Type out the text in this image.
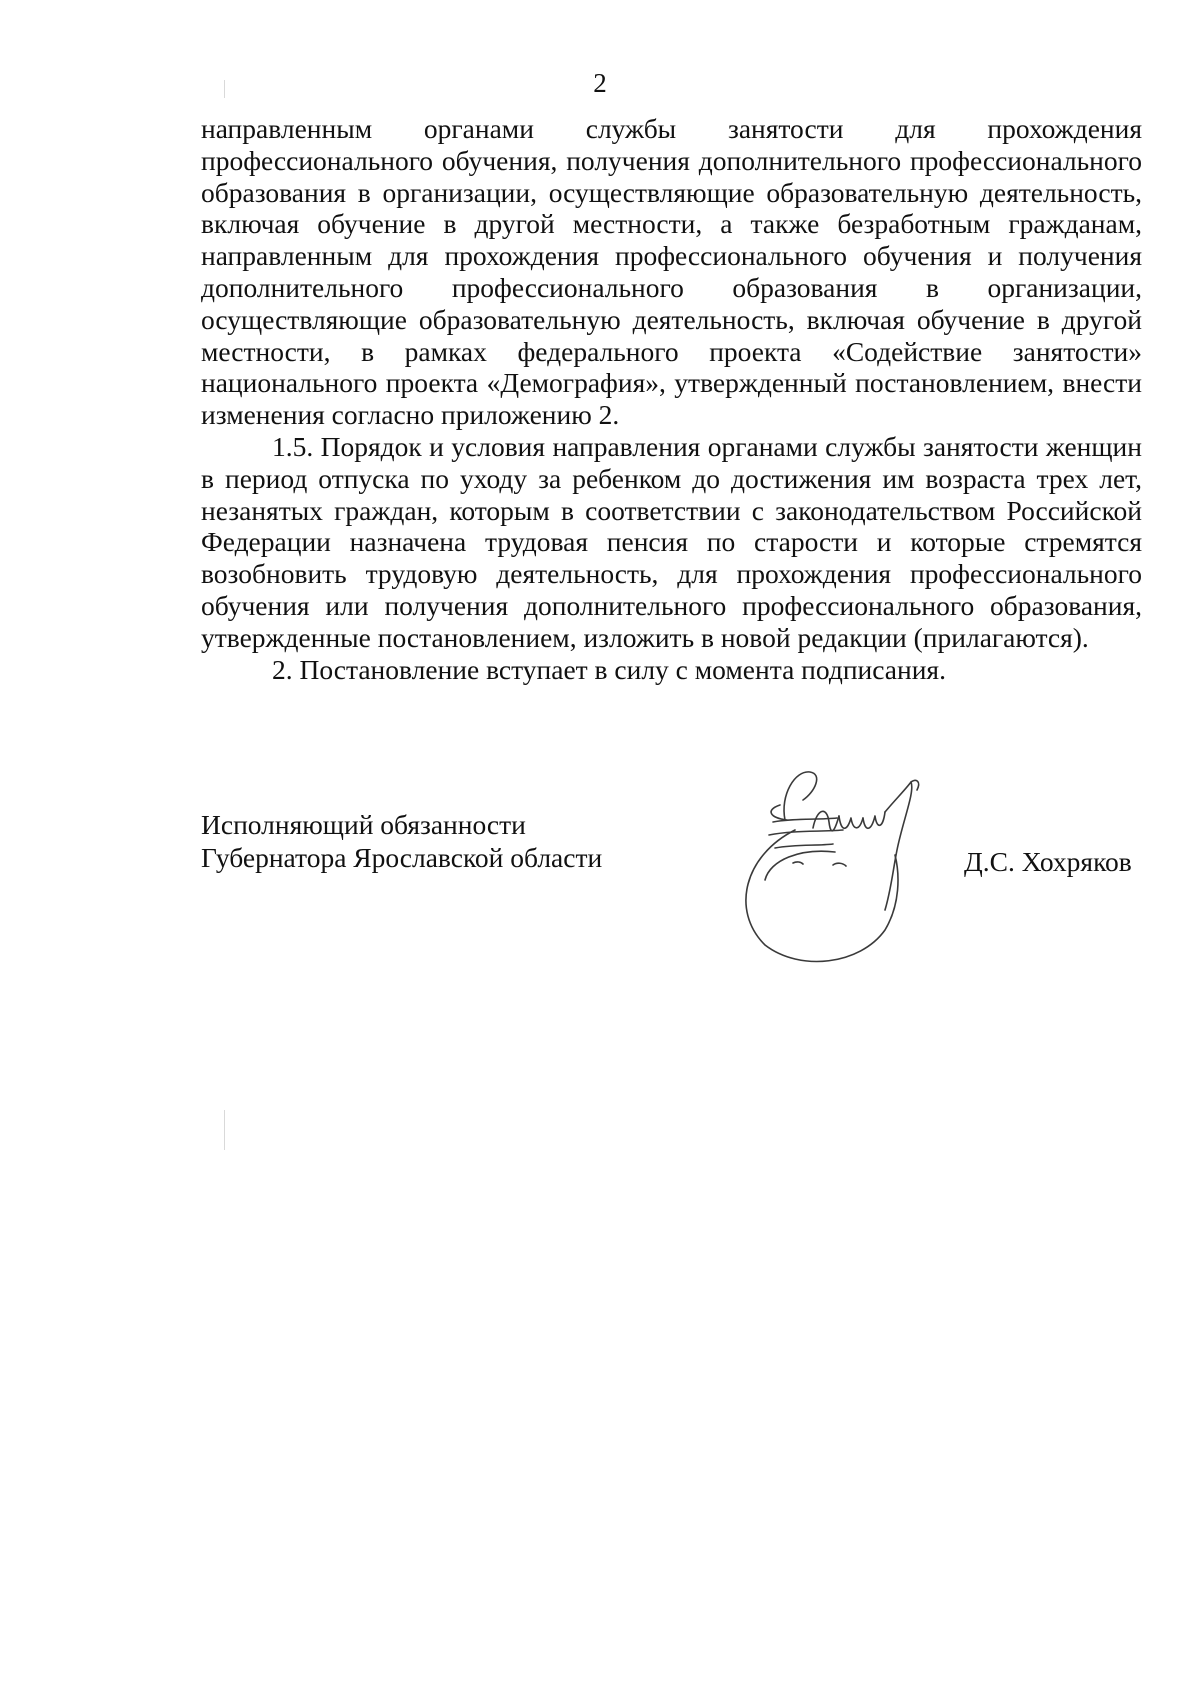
2

направленным органами службы занятости для прохождения профессионального обучения, получения дополнительного профессионального образования в организации, осуществляющие образовательную деятельность, включая обучение в другой местности, а также безработным гражданам, направленным для прохождения профессионального обучения и получения дополнительного профессионального образования в организации, осуществляющие образовательную деятельность, включая обучение в другой местности, в рамках федерального проекта «Содействие занятости» национального проекта «Демография», утвержденный постановлением, внести изменения согласно приложению 2.

1.5. Порядок и условия направления органами службы занятости женщин в период отпуска по уходу за ребенком до достижения им возраста трех лет, незанятых граждан, которым в соответствии с законодательством Российской Федерации назначена трудовая пенсия по старости и которые стремятся возобновить трудовую деятельность, для прохождения профессионального обучения или получения дополнительного профессионального образования, утвержденные постановлением, изложить в новой редакции (прилагаются).

2. Постановление вступает в силу с момента подписания.

Исполняющий обязанности
Губернатора Ярославской области	Д.С. Хохряков
